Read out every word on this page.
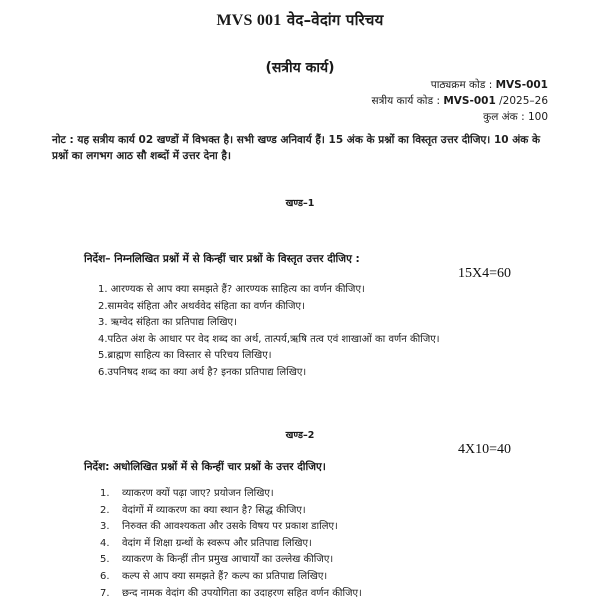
MVS 001 वेद–वेदांग परिचय
(सत्रीय कार्य)
पाठ्यक्रम कोड : MVS-001
सत्रीय कार्य कोड : MVS-001 /2025–26
कुल अंक : 100
नोट : यह सत्रीय कार्य 02 खण्डों में विभक्त है। सभी खण्ड अनिवार्य हैं। 15 अंक के प्रश्नों का विस्तृत उत्तर दीजिए। 10 अंक के प्रश्नों का लगभग आठ सौ शब्दों में उत्तर देना है।
खण्ड–1
निर्देश– निम्नलिखित प्रश्नों में से किन्हीं चार प्रश्नों के विस्तृत उत्तर दीजिए :
15X4=60
1. आरण्यक से आप क्या समझते हैं? आरण्यक साहित्य का वर्णन कीजिए।
2.सामवेद संहिता और अथर्ववेद संहिता का वर्णन कीजिए।
3. ऋग्वेद संहिता का प्रतिपाद्य लिखिए।
4.पठित अंश के आधार पर वेद शब्द का अर्थ, तात्पर्य,ऋषि तत्व एवं शाखाओं का वर्णन कीजिए।
5.ब्राह्मण साहित्य का विस्तार से परिचय लिखिए।
6.उपनिषद शब्द का क्या अर्थ है? इनका प्रतिपाद्य लिखिए।
खण्ड–2
4X10=40
निर्देश: अधोलिखित प्रश्नों में से किन्हीं चार प्रश्नों के उत्तर दीजिए।
1.	व्याकरण क्यों पढ़ा जाए? प्रयोजन लिखिए।
2.	वेदांगों में व्याकरण का क्या स्थान है? सिद्ध कीजिए।
3.	निरुक्त की आवश्यकता और उसके विषय पर प्रकाश डालिए।
4.	वेदांग में शिक्षा ग्रन्थों के स्वरूप और प्रतिपाद्य लिखिए।
5.	व्याकरण के किन्हीं तीन प्रमुख आचार्यों का उल्लेख कीजिए।
6.	कल्प से आप क्या समझते हैं? कल्प का प्रतिपाद्य लिखिए।
7.	छन्द नामक वेदांग की उपयोगिता का उदाहरण सहित वर्णन कीजिए।
